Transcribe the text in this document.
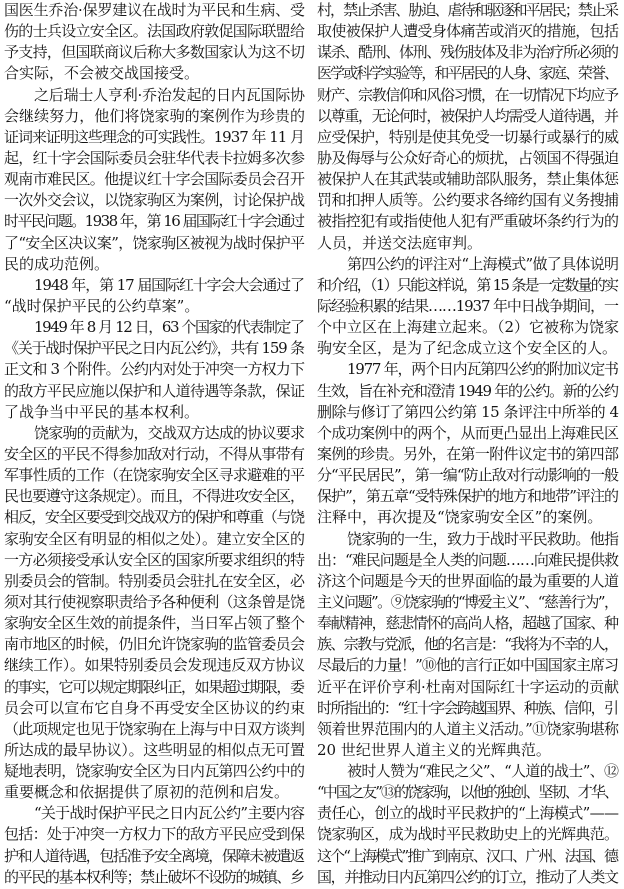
国医生乔治·保罗建议在战时为平民和生病、受
伤的士兵设立安全区。法国政府敦促国际联盟给
予支持，但国联商议后称大多数国家认为这不切
合实际，不会被交战国接受。
之后瑞士人亨利·乔治发起的日内瓦国际协
会继续努力，他们将饶家驹的案例作为珍贵的
证词来证明这些理念的可实践性。1937 年 11 月
起，红十字会国际委员会驻华代表卡拉姆多次参
观南市难民区。他提议红十字会国际委员会召开
一次外交会议，以饶家驹区为案例，讨论保护战
时平民问题。1938 年，第 16 届国际红十字会通过
了“安全区决议案”，饶家驹区被视为战时保护平
民的成功范例。
1948 年，第 17 届国际红十字会大会通过了
“战时保护平民的公约草案”。
1949 年 8 月 12 日，63 个国家的代表制定了
《关于战时保护平民之日内瓦公约》，共有 159 条
正文和 3 个附件。公约内对处于冲突一方权力下
的敌方平民应施以保护和人道待遇等条款，保证
了战争当中平民的基本权利。
饶家驹的贡献为，交战双方达成的协议要求
安全区的平民不得参加敌对行动，不得从事带有
军事性质的工作（在饶家驹安全区寻求避难的平
民也要遵守这条规定）。而且，不得进攻安全区，
相反，安全区要受到交战双方的保护和尊重（与饶
家驹安全区有明显的相似之处）。建立安全区的
一方必须接受承认安全区的国家所要求组织的特
别委员会的管制。特别委员会驻扎在安全区，必
须对其行使视察职责给予各种便利（这条曾是饶
家驹安全区生效的前提条件，当日军占领了整个
南市地区的时候，仍旧允许饶家驹的监管委员会
继续工作）。如果特别委员会发现违反双方协议
的事实，它可以规定期限纠正，如果超过期限，委
员会可以宣布它自身不再受安全区协议的约束
（此项规定也见于饶家驹在上海与中日双方谈判
所达成的最早协议）。这些明显的相似点无可置
疑地表明，饶家驹安全区为日内瓦第四公约中的
重要概念和依据提供了原初的范例和启发。
“关于战时保护平民之日内瓦公约”主要内容
包括：处于冲突一方权力下的敌方平民应受到保
护和人道待遇，包括准予安全离境，保障未被遣返
的平民的基本权利等；禁止破坏不设防的城镇、乡
村，禁止杀害、胁迫、虐待和驱逐和平居民；禁止采
取使被保护人遭受身体痛苦或消灭的措施，包括
谋杀、酷刑、体刑、残伤肢体及非为治疗所必须的
医学或科学实验等，和平居民的人身、家庭、荣誉、
财产、宗教信仰和风俗习惯，在一切情况下均应予
以尊重，无论何时，被保护人均需受人道待遇，并
应受保护，特别是使其免受一切暴行或暴行的威
胁及侮辱与公众好奇心的烦扰，占领国不得强迫
被保护人在其武装或辅助部队服务，禁止集体惩
罚和扣押人质等。公约要求各缔约国有义务搜捕
被指控犯有或指使他人犯有严重破坏条约行为的
人员，并送交法庭审判。
第四公约的评注对“上海模式”做了具体说明
和介绍，（1）只能这样说，第 15 条是一定数量的实
际经验积累的结果……1937 年中日战争期间，一
个中立区在上海建立起来。（2）它被称为饶家
驹安全区，是为了纪念成立这个安全区的人。
1977 年，两个日内瓦第四公约的附加议定书
生效，旨在补充和澄清 1949 年的公约。新的公约
删除与修订了第四公约第 15 条评注中所举的 4
个成功案例中的两个，从而更凸显出上海难民区
案例的珍贵。另外，在第一附件议定书的第四部
分“平民居民”，第一编“防止敌对行动影响的一般
保护”，第五章“受特殊保护的地方和地带”评注的
注释中，再次提及“饶家驹安全区”的案例。
饶家驹的一生，致力于战时平民救助。他指
出：“难民问题是全人类的问题……向难民提供救
济这个问题是今天的世界面临的最为重要的人道
主义问题”。⑨饶家驹的“博爱主义”、“慈善行为”，
奉献精神，慈悲情怀的高尚人格，超越了国家、种
族、宗教与党派，他的名言是：“我将为不幸的人，
尽最后的力量！”⑩他的言行正如中国国家主席习
近平在评价亨利·杜南对国际红十字运动的贡献
时所指出的：“红十字会跨越国界、种族、信仰，引
领着世界范围内的人道主义活动。”⑪饶家驹堪称
20 世纪世界人道主义的光辉典范。
被时人赞为“难民之父”、“人道的战士”、⑫
“中国之友”⑬的饶家驹，以他的独创、坚韧、才华、
责任心，创立的战时平民救护的“上海模式”——
饶家驹区，成为战时平民救助史上的光辉典范。
这个“上海模式”推广到南京、汉口、广州、法国、德
国，并推动日内瓦第四公约的订立，推动了人类文
